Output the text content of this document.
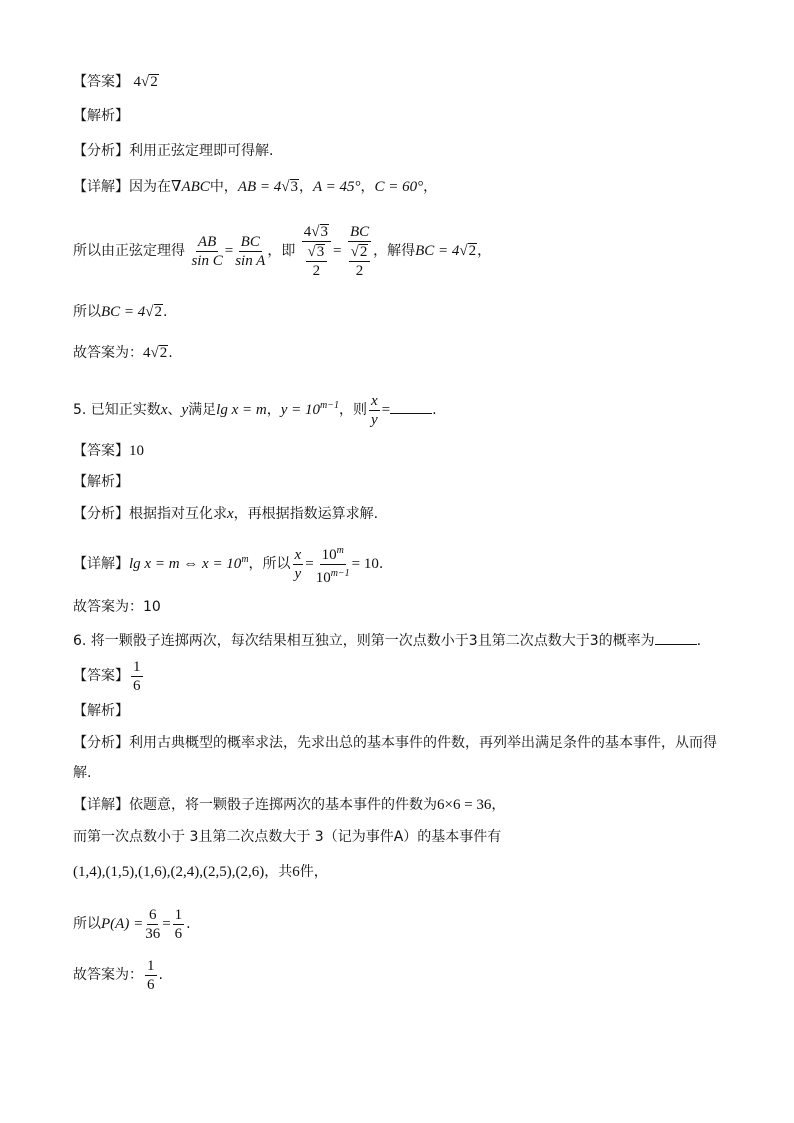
【答案】 4√2
【解析】
【分析】利用正弦定理即可得解.
【详解】因为在∇ABC中，AB = 4√3，A = 45°，C = 60°，
所以由正弦定理得 $\frac{AB}{\text{sin C}} = \frac{BC}{\text{sin A}}$ ，即 4√3
√3
2 = BC
√2
2 ，解得BC = 4√2，
所以BC = 4√2.
故答案为：4√2.
5. 已知正实数x、y满足lg x = m，$y = 10^{m-1}$，则 $\frac{x}{y}$ =	.
【答案】10
【解析】
【分析】根据指对互化求x，再根据指数运算求解.
【详解】lg x = m ⇔ $x = 10^m$，所以 $\frac{x}{y} = \frac{10^m}{10^{m-1}} = 10$.
故答案为：10
6. 将一颗骰子连掷两次，每次结果相互独立，则第一次点数小于3且第二次点数大于3的概率为	.
【答案】 $\frac{1}{6}$
【解析】
【分析】利用古典概型的概率求法，先求出总的基本事件的件数，再列举出满足条件的基本事件，从而得
解.
【详解】依题意，将一颗骰子连掷两次的基本事件的件数为6×6 = 36，
而第一次点数小于 3且第二次点数大于 3（记为事件A）的基本事件有
(1,4),(1,5),(1,6),(2,4),(2,5),(2,6)，共6件，
所以$P(A) = \frac{6}{36} = \frac{1}{6}$ .
故答案为： $\frac{1}{6}$ .
